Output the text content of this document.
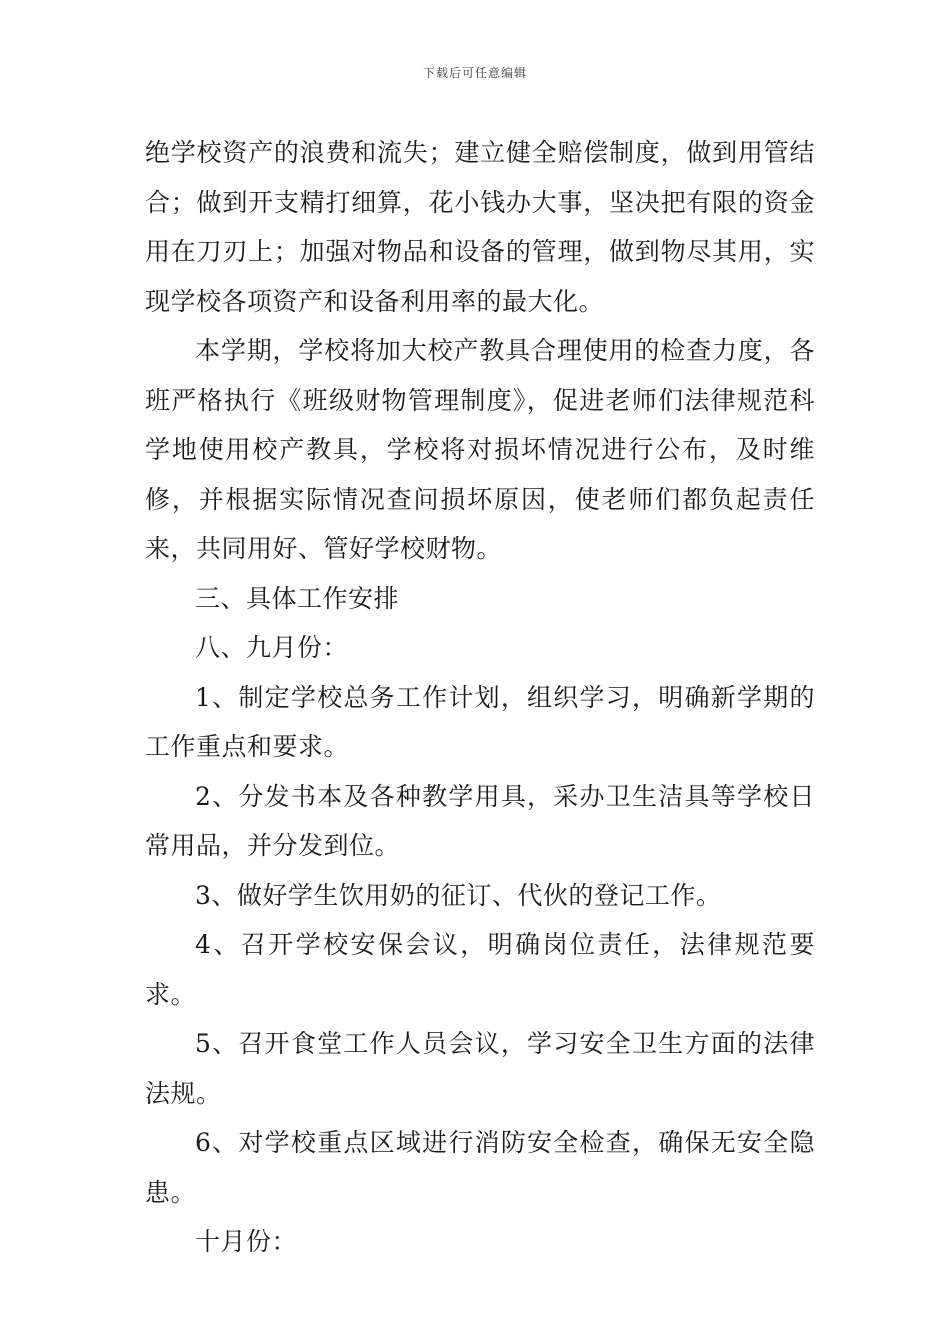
下载后可任意编辑

绝学校资产的浪费和流失；建立健全赔偿制度，做到用管结合；做到开支精打细算，花小钱办大事，坚决把有限的资金用在刀刃上；加强对物品和设备的管理，做到物尽其用，实现学校各项资产和设备利用率的最大化。

本学期，学校将加大校产教具合理使用的检查力度，各班严格执行《班级财物管理制度》，促进老师们法律规范科学地使用校产教具，学校将对损坏情况进行公布，及时维修，并根据实际情况查问损坏原因，使老师们都负起责任来，共同用好、管好学校财物。

三、具体工作安排

八、九月份：

1、制定学校总务工作计划，组织学习，明确新学期的工作重点和要求。

2、分发书本及各种教学用具，采办卫生洁具等学校日常用品，并分发到位。

3、做好学生饮用奶的征订、代伙的登记工作。

4、召开学校安保会议，明确岗位责任，法律规范要求。

5、召开食堂工作人员会议，学习安全卫生方面的法律法规。

6、对学校重点区域进行消防安全检查，确保无安全隐患。

十月份：
